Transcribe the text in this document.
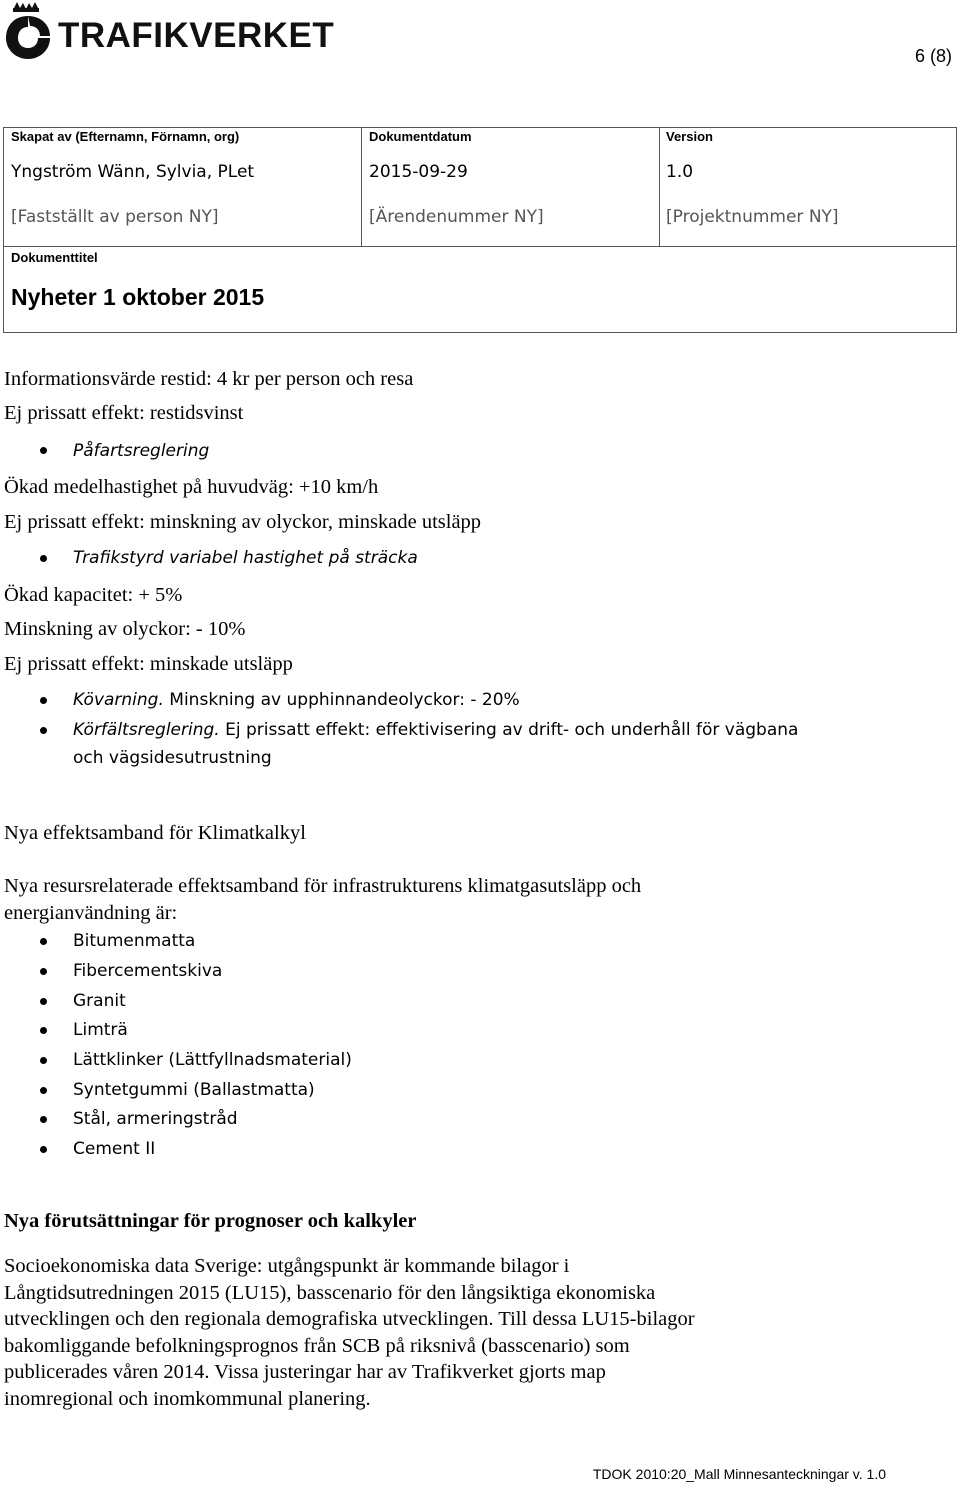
TRAFIKVERKET
6 (8)
Skapat av (Efternamn, Förnamn, org)
Yngström Wänn, Sylvia, PLet
[Fastställt av person NY]
Dokumentdatum
2015-09-29
[Ärendenummer NY]
Version
1.0
[Projektnummer NY]
Dokumenttitel
Nyheter 1 oktober 2015
Informationsvärde restid: 4 kr per person och resa
Ej prissatt effekt: restidsvinst
Påfartsreglering
Ökad medelhastighet på huvudväg: +10 km/h
Ej prissatt effekt: minskning av olyckor, minskade utsläpp
Trafikstyrd variabel hastighet på sträcka
Ökad kapacitet: + 5%
Minskning av olyckor: - 10%
Ej prissatt effekt: minskade utsläpp
Kövarning. Minskning av upphinnandeolyckor: - 20%
Körfältsreglering. Ej prissatt effekt: effektivisering av drift- och underhåll för vägbana
och vägsidesutrustning
Nya effektsamband för Klimatkalkyl
Nya resursrelaterade effektsamband för infrastrukturens klimatgasutsläpp och
energianvändning är:
Bitumenmatta
Fibercementskiva
Granit
Limträ
Lättklinker (Lättfyllnadsmaterial)
Syntetgummi (Ballastmatta)
Stål, armeringstråd
Cement II
Nya förutsättningar för prognoser och kalkyler
Socioekonomiska data Sverige: utgångspunkt är kommande bilagor i
Långtidsutredningen 2015 (LU15), basscenario för den långsiktiga ekonomiska
utvecklingen och den regionala demografiska utvecklingen. Till dessa LU15-bilagor
bakomliggande befolkningsprognos från SCB på riksnivå (basscenario) som
publicerades våren 2014. Vissa justeringar har av Trafikverket gjorts map
inomregional och inomkommunal planering.
TDOK 2010:20_Mall Minnesanteckningar v. 1.0
